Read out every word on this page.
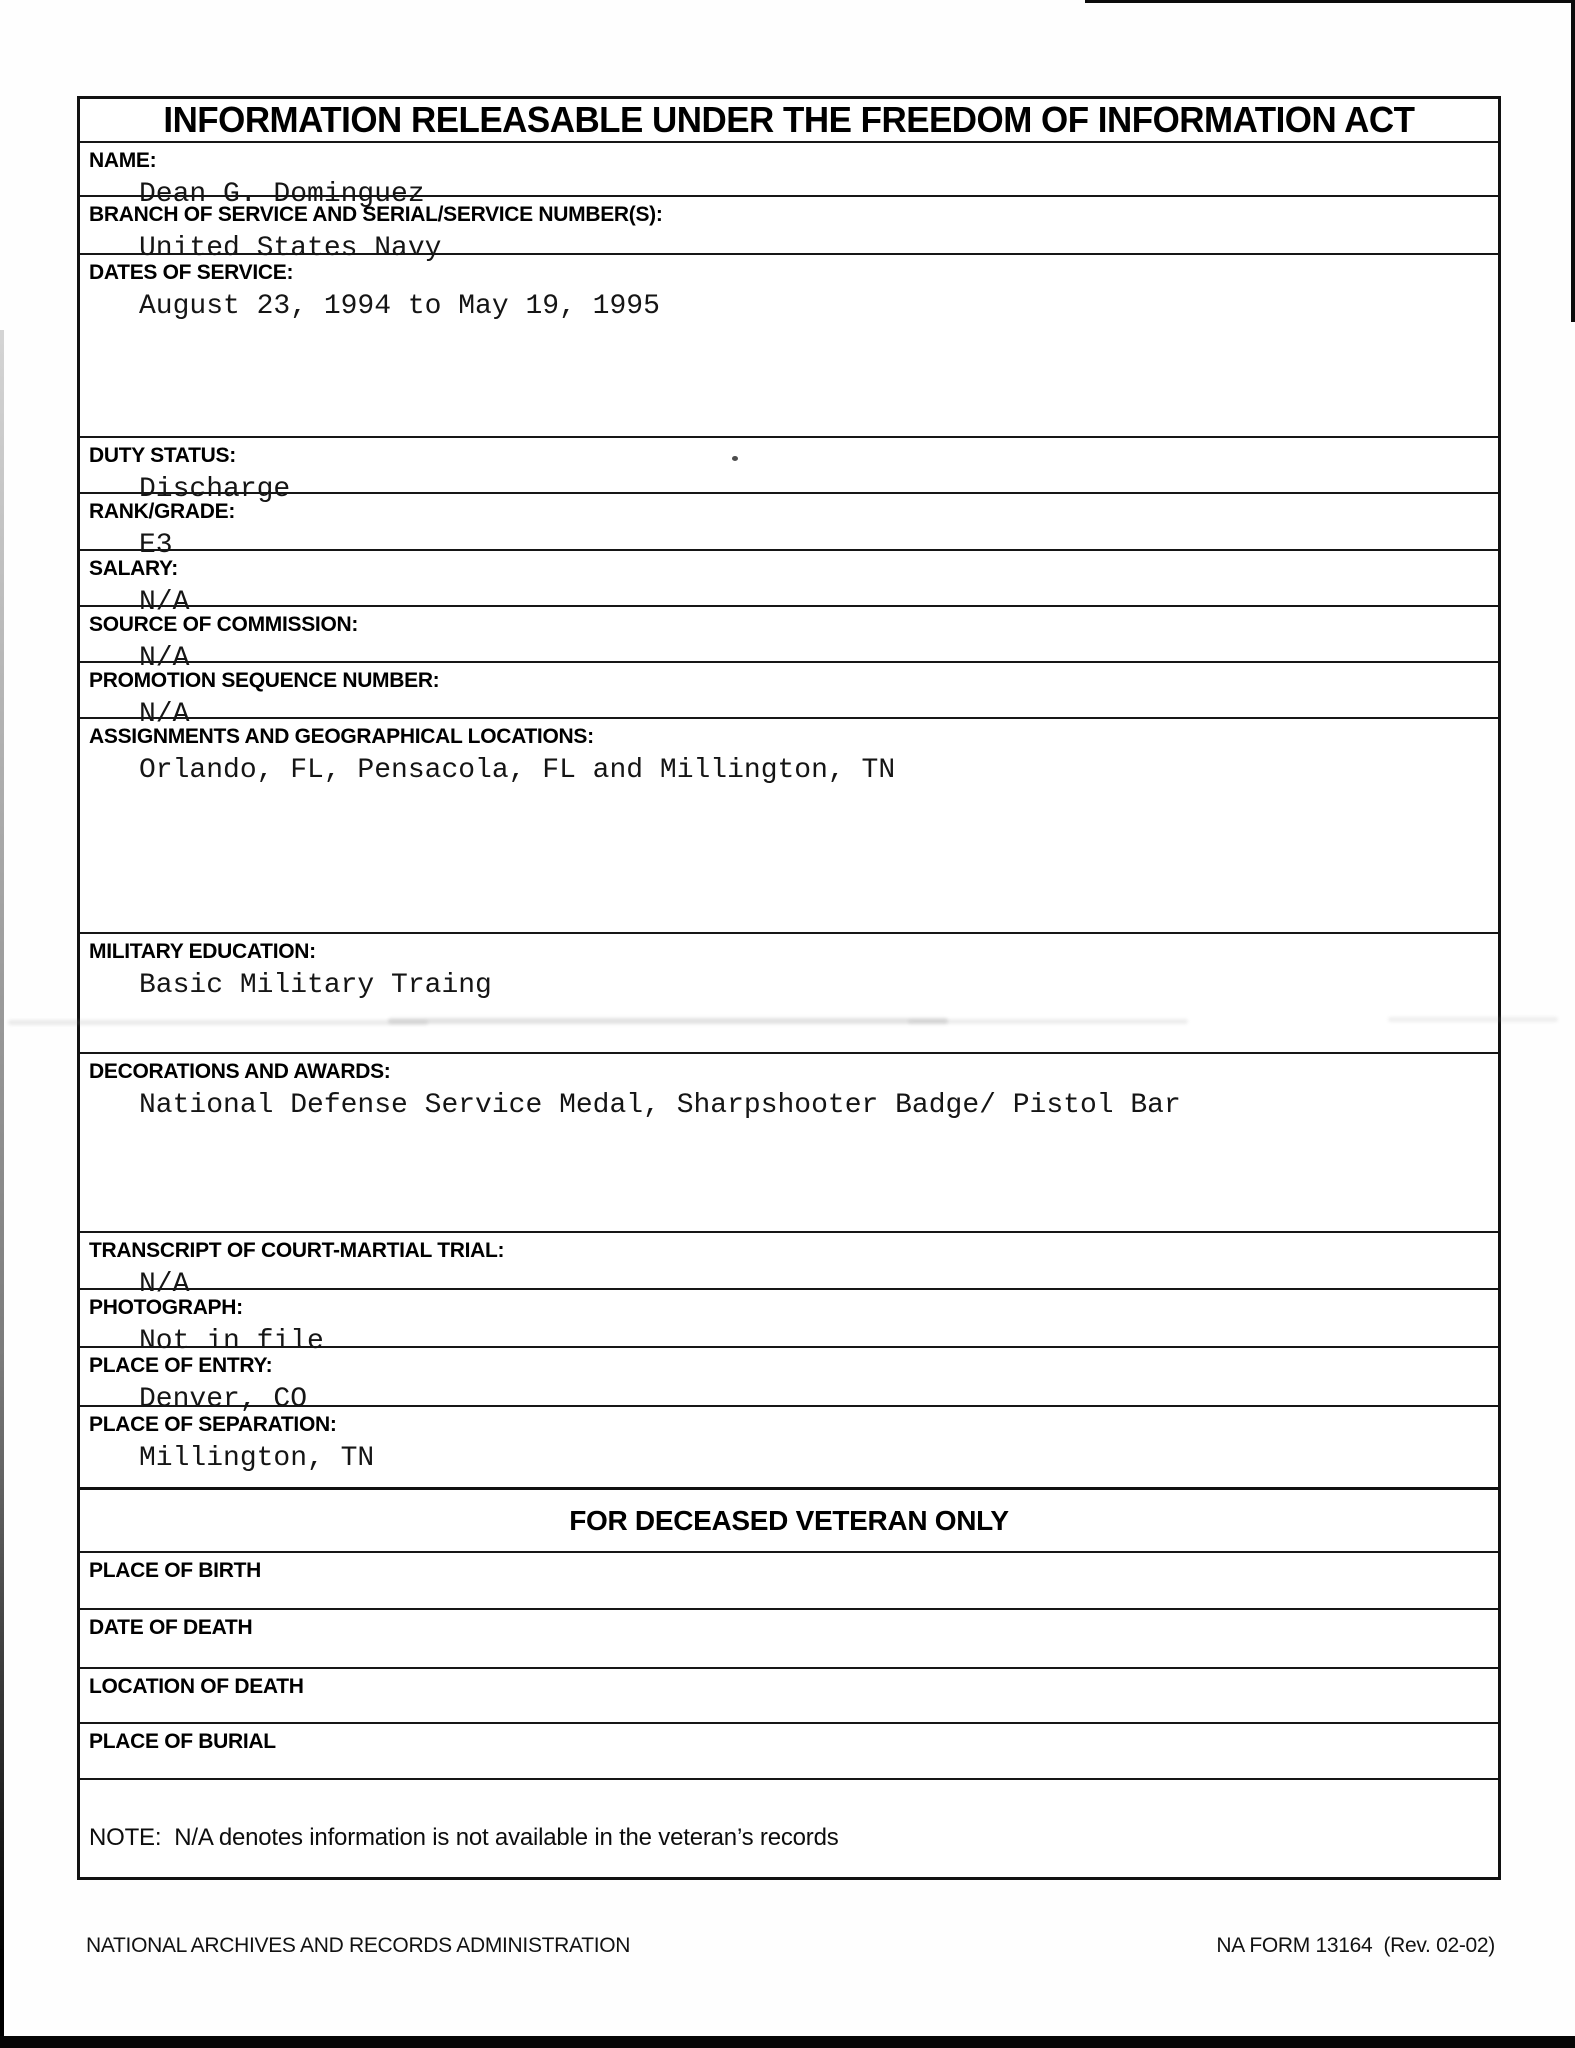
INFORMATION RELEASABLE UNDER THE FREEDOM OF INFORMATION ACT
NAME:
Dean G. Dominguez
BRANCH OF SERVICE AND SERIAL/SERVICE NUMBER(S):
United States Navy
DATES OF SERVICE:
August 23, 1994 to May 19, 1995
DUTY STATUS:
Discharge
RANK/GRADE:
E3
SALARY:
N/A
SOURCE OF COMMISSION:
N/A
PROMOTION SEQUENCE NUMBER:
N/A
ASSIGNMENTS AND GEOGRAPHICAL LOCATIONS:
Orlando, FL, Pensacola, FL and Millington, TN
MILITARY EDUCATION:
Basic Military Traing
DECORATIONS AND AWARDS:
National Defense Service Medal, Sharpshooter Badge/ Pistol Bar
TRANSCRIPT OF COURT-MARTIAL TRIAL:
N/A
PHOTOGRAPH:
Not in file
PLACE OF ENTRY:
Denver, CO
PLACE OF SEPARATION:
Millington, TN
FOR DECEASED VETERAN ONLY
PLACE OF BIRTH
DATE OF DEATH
LOCATION OF DEATH
PLACE OF BURIAL
NOTE:  N/A denotes information is not available in the veteran’s records
NATIONAL ARCHIVES AND RECORDS ADMINISTRATION	NA FORM 13164  (Rev. 02-02)
